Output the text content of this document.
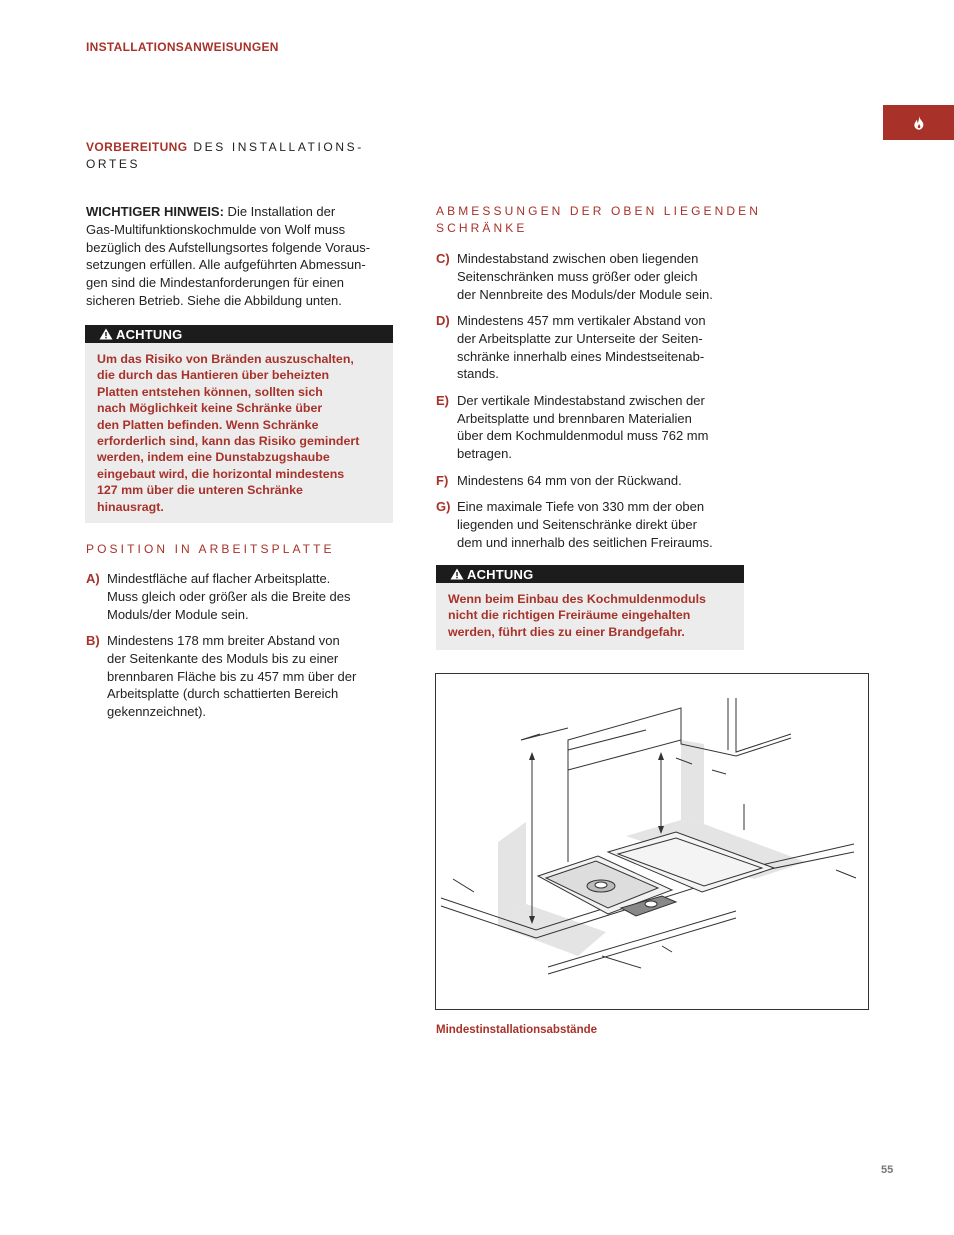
INSTALLATIONSANWEISUNGEN
VORBEREITUNG DES INSTALLATIONS-
ORTES
WICHTIGER HINWEIS: Die Installation der
Gas-Multifunktionskochmulde von Wolf muss
bezüglich des Aufstellungsortes folgende Voraus-
setzungen erfüllen. Alle aufgeführten Abmessun-
gen sind die Mindestanforderungen für einen
sicheren Betrieb. Siehe die Abbildung unten.
ACHTUNG
Um das Risiko von Bränden auszuschalten,
die durch das Hantieren über beheizten
Platten entstehen können, sollten sich
nach Möglichkeit keine Schränke über
den Platten befinden. Wenn Schränke
erforderlich sind, kann das Risiko gemindert
werden, indem eine Dunstabzugshaube
eingebaut wird, die horizontal mindestens
127 mm über die unteren Schränke
hinausragt.
POSITION IN ARBEITSPLATTE
A) Mindestfläche auf flacher Arbeitsplatte.
Muss gleich oder größer als die Breite des
Moduls/der Module sein.
B) Mindestens 178 mm breiter Abstand von
der Seitenkante des Moduls bis zu einer
brennbaren Fläche bis zu 457 mm über der
Arbeitsplatte (durch schattierten Bereich
gekennzeichnet).
ABMESSUNGEN DER OBEN LIEGENDEN
SCHRÄNKE
C) Mindestabstand zwischen oben liegenden
Seitenschränken muss größer oder gleich
der Nennbreite des Moduls/der Module sein.
D) Mindestens 457 mm vertikaler Abstand von
der Arbeitsplatte zur Unterseite der Seiten-
schränke innerhalb eines Mindestseitenab-
stands.
E) Der vertikale Mindestabstand zwischen der
Arbeitsplatte und brennbaren Materialien
über dem Kochmuldenmodul muss 762 mm
betragen.
F) Mindestens 64 mm von der Rückwand.
G) Eine maximale Tiefe von 330 mm der oben
liegenden und Seitenschränke direkt über
dem und innerhalb des seitlichen Freiraums.
ACHTUNG
Wenn beim Einbau des Kochmuldenmoduls
nicht die richtigen Freiräume eingehalten
werden, führt dies zu einer Brandgefahr.
Mindestinstallationsabstände
55
